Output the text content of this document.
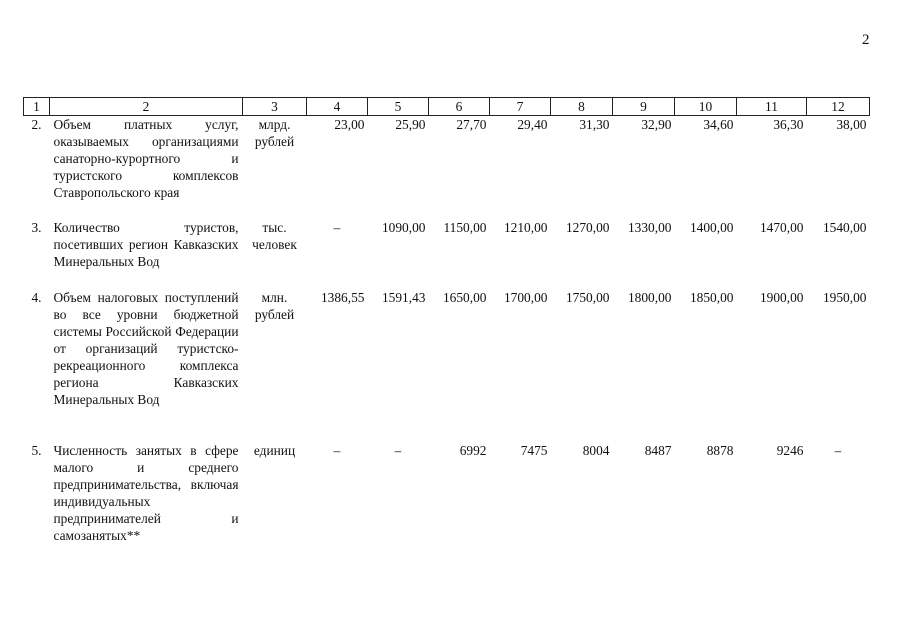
2
1	2	3	4	5	6	7	8	9	10	11	12
2.	Объем платных услуг, оказываемых организациями санаторно-курортного и туристского комплексов Ставропольского края	млрд. рублей	23,00	25,90	27,70	29,40	31,30	32,90	34,60	36,30	38,00
3.	Количество туристов, посетивших регион Кавказских Минеральных Вод	тыс. человек	–	1090,00	1150,00	1210,00	1270,00	1330,00	1400,00	1470,00	1540,00
4.	Объем налоговых поступлений во все уровни бюджетной системы Российской Федерации от организаций туристско-рекреационного комплекса региона Кавказских Минеральных Вод	млн. рублей	1386,55	1591,43	1650,00	1700,00	1750,00	1800,00	1850,00	1900,00	1950,00
5.	Численность занятых в сфере малого и среднего предпринимательства, включая индивидуальных предпринимателей и самозанятых**	единиц	–	–	6992	7475	8004	8487	8878	9246	–
